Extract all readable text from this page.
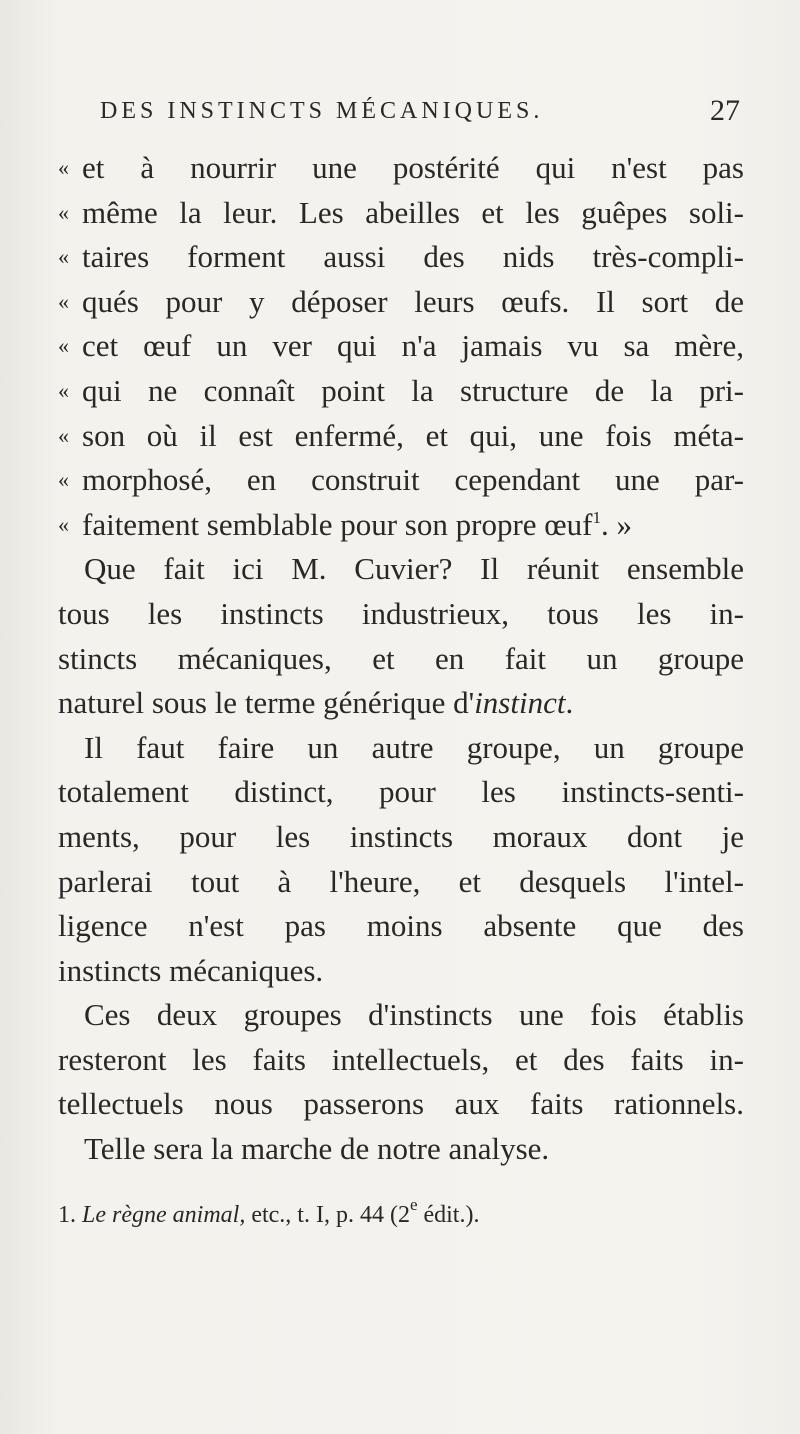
DES INSTINCTS MÉCANIQUES.	27
« et à nourrir une postérité qui n'est pas
« même la leur. Les abeilles et les guêpes soli-
« taires forment aussi des nids très-compli-
« qués pour y déposer leurs œufs. Il sort de
« cet œuf un ver qui n'a jamais vu sa mère,
« qui ne connaît point la structure de la pri-
« son où il est enfermé, et qui, une fois méta-
« morphosé, en construit cependant une par-
« faitement semblable pour son propre œuf$^1$. »
Que fait ici M. Cuvier? Il réunit ensemble
tous les instincts industrieux, tous les in-
stincts mécaniques, et en fait un groupe
naturel sous le terme générique d'instinct.
Il faut faire un autre groupe, un groupe
totalement distinct, pour les instincts-senti-
ments, pour les instincts moraux dont je
parlerai tout à l'heure, et desquels l'intel-
ligence n'est pas moins absente que des
instincts mécaniques.
Ces deux groupes d'instincts une fois établis
resteront les faits intellectuels, et des faits in-
tellectuels nous passerons aux faits rationnels.
Telle sera la marche de notre analyse.
1. Le règne animal, etc., t. I, p. 44 (2e édit.).
